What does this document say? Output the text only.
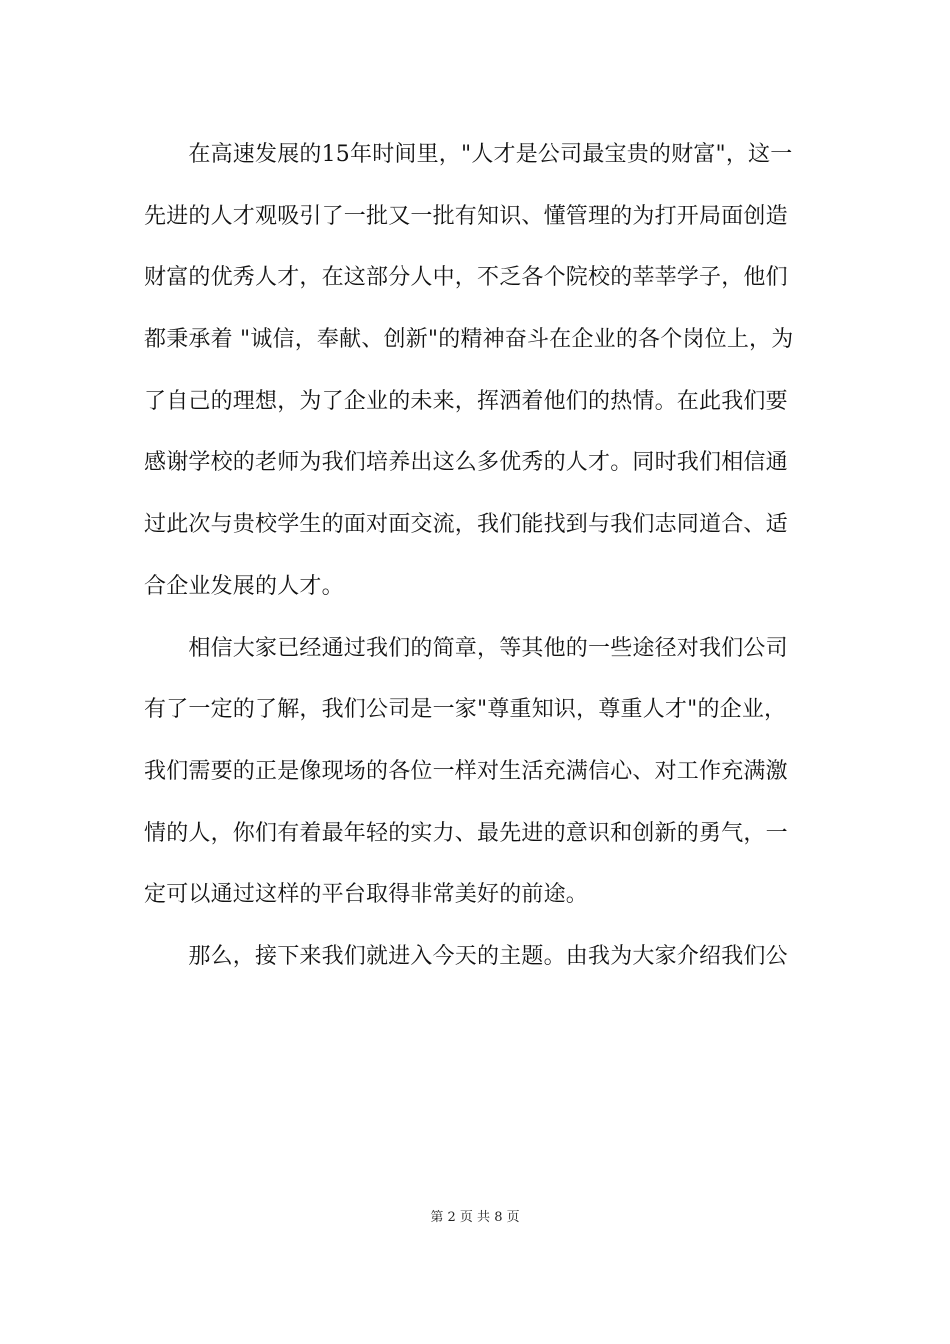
　　在高速发展的15年时间里，"人才是公司最宝贵的财富"，这一
先进的人才观吸引了一批又一批有知识、懂管理的为打开局面创造
财富的优秀人才，在这部分人中，不乏各个院校的莘莘学子，他们
都秉承着 "诚信，奉献、创新"的精神奋斗在企业的各个岗位上，为
了自己的理想，为了企业的未来，挥洒着他们的热情。在此我们要
感谢学校的老师为我们培养出这么多优秀的人才。同时我们相信通
过此次与贵校学生的面对面交流，我们能找到与我们志同道合、适
合企业发展的人才。
　　相信大家已经通过我们的简章，等其他的一些途径对我们公司
有了一定的了解，我们公司是一家"尊重知识，尊重人才"的企业，
我们需要的正是像现场的各位一样对生活充满信心、对工作充满激
情的人，你们有着最年轻的实力、最先进的意识和创新的勇气，一
定可以通过这样的平台取得非常美好的前途。
　　那么，接下来我们就进入今天的主题。由我为大家介绍我们公
第 2 页 共 8 页
